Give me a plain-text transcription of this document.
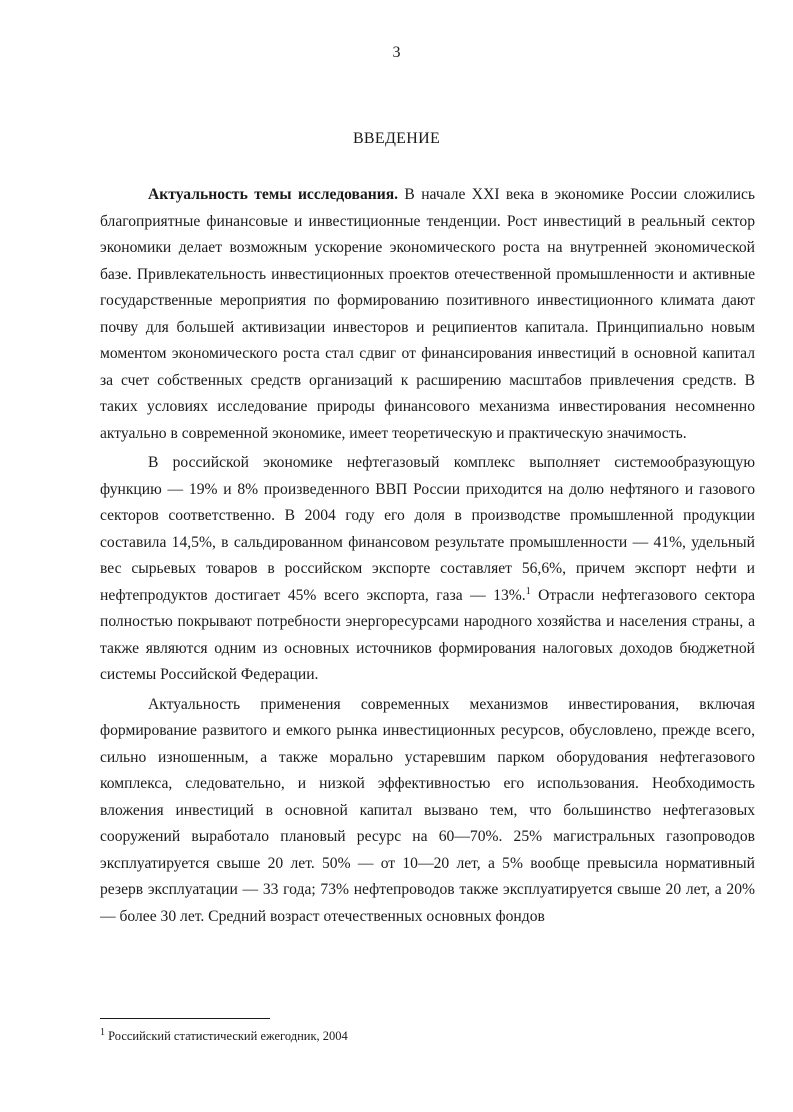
3
ВВЕДЕНИЕ

Актуальность темы исследования. В начале XXI века в экономике России сложились благоприятные финансовые и инвестиционные тенденции. Рост инвестиций в реальный сектор экономики делает возможным ускорение экономического роста на внутренней экономической базе. Привлекательность инвестиционных проектов отечественной промышленности и активные государственные мероприятия по формированию позитивного инвестиционного климата дают почву для большей активизации инвесторов и реципиентов капитала. Принципиально новым моментом экономического роста стал сдвиг от финансирования инвестиций в основной капитал за счет собственных средств организаций к расширению масштабов привлечения средств. В таких условиях исследование природы финансового механизма инвестирования несомненно актуально в современной экономике, имеет теоретическую и практическую значимость.

В российской экономике нефтегазовый комплекс выполняет системообразующую функцию — 19% и 8% произведенного ВВП России приходится на долю нефтяного и газового секторов соответственно. В 2004 году его доля в производстве промышленной продукции составила 14,5%, в сальдированном финансовом результате промышленности — 41%, удельный вес сырьевых товаров в российском экспорте составляет 56,6%, причем экспорт нефти и нефтепродуктов достигает 45% всего экспорта, газа — 13%.$^1$ Отрасли нефтегазового сектора полностью покрывают потребности энергоресурсами народного хозяйства и населения страны, а также являются одним из основных источников формирования налоговых доходов бюджетной системы Российской Федерации.

Актуальность применения современных механизмов инвестирования, включая формирование развитого и емкого рынка инвестиционных ресурсов, обусловлено, прежде всего, сильно изношенным, а также морально устаревшим парком оборудования нефтегазового комплекса, следовательно, и низкой эффективностью его использования. Необходимость вложения инвестиций в основной капитал вызвано тем, что большинство нефтегазовых сооружений выработало плановый ресурс на 60—70%. 25% магистральных газопроводов эксплуатируется свыше 20 лет. 50% — от 10—20 лет, а 5% вообще превысила нормативный резерв эксплуатации — 33 года; 73% нефтепроводов также эксплуатируется свыше 20 лет, а 20% — более 30 лет. Средний возраст отечественных основных фондов

$^1$ Российский статистический ежегодник, 2004
